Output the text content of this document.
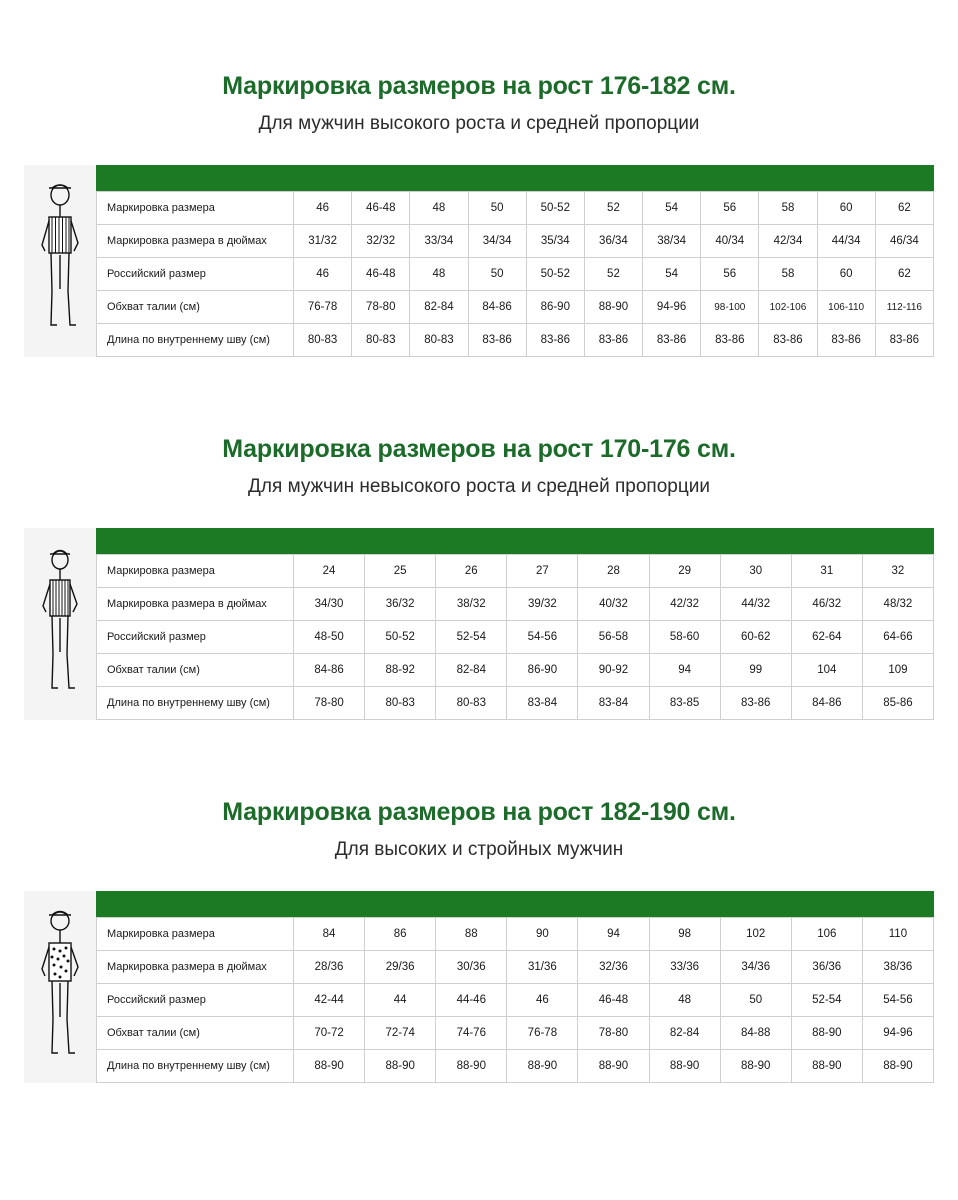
Маркировка размеров на рост 176-182 см.

Для мужчин высокого роста и средней пропорции

Маркировка размера	46	46-48	48	50	50-52	52	54	56	58	60	62
Маркировка размера в дюймах	31/32	32/32	33/34	34/34	35/34	36/34	38/34	40/34	42/34	44/34	46/34
Российский размер	46	46-48	48	50	50-52	52	54	56	58	60	62
Обхват талии (см)	76-78	78-80	82-84	84-86	86-90	88-90	94-96	98-100	102-106	106-110	112-116
Длина по внутреннему шву (см)	80-83	80-83	80-83	83-86	83-86	83-86	83-86	83-86	83-86	83-86	83-86
Маркировка размеров на рост 170-176 см.

Для мужчин невысокого роста и средней пропорции

Маркировка размера	24	25	26	27	28	29	30	31	32
Маркировка размера в дюймах	34/30	36/32	38/32	39/32	40/32	42/32	44/32	46/32	48/32
Российский размер	48-50	50-52	52-54	54-56	56-58	58-60	60-62	62-64	64-66
Обхват талии (см)	84-86	88-92	82-84	86-90	90-92	94	99	104	109
Длина по внутреннему шву (см)	78-80	80-83	80-83	83-84	83-84	83-85	83-86	84-86	85-86
Маркировка размеров на рост 182-190 см.

Для высоких и стройных мужчин

Маркировка размера	84	86	88	90	94	98	102	106	110
Маркировка размера в дюймах	28/36	29/36	30/36	31/36	32/36	33/36	34/36	36/36	38/36
Российский размер	42-44	44	44-46	46	46-48	48	50	52-54	54-56
Обхват талии (см)	70-72	72-74	74-76	76-78	78-80	82-84	84-88	88-90	94-96
Длина по внутреннему шву (см)	88-90	88-90	88-90	88-90	88-90	88-90	88-90	88-90	88-90
